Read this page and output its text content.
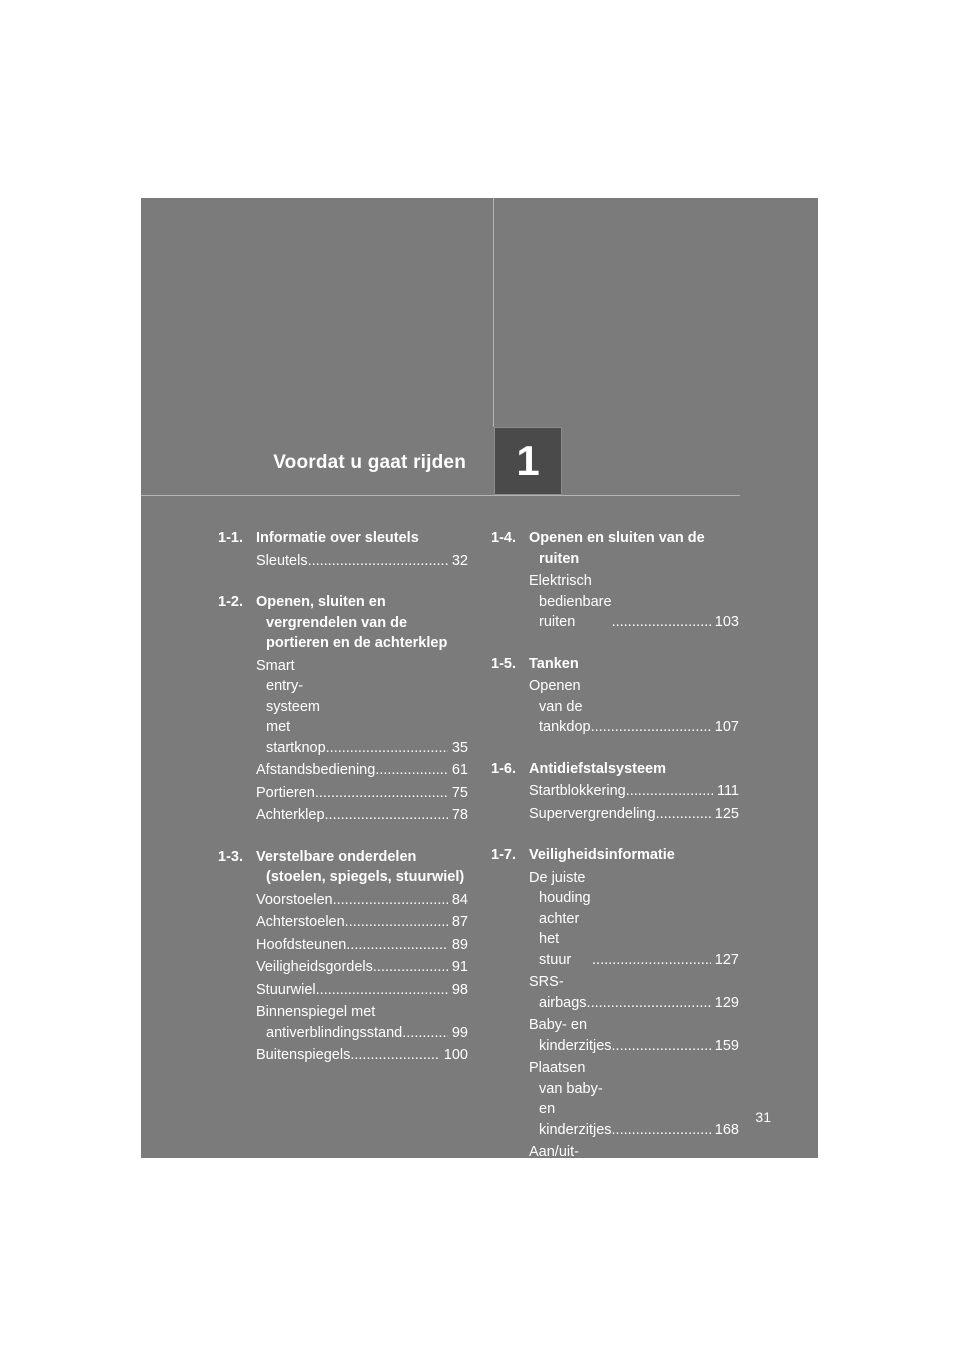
Voordat u gaat rijden 1
1-1. Informatie over sleutels
Sleutels .....	32
1-2. Openen, sluiten en vergrendelen van de portieren en de achterklep
Smart entry-systeem met startknop .....	35
Afstandsbediening .....	61
Portieren .....	75
Achterklep .....	78
1-3. Verstelbare onderdelen (stoelen, spiegels, stuurwiel)
Voorstoelen .....	84
Achterstoelen .....	87
Hoofdsteunen .....	89
Veiligheidsgordels .....	91
Stuurwiel .....	98
Binnenspiegel met antiverblindingsstand .....	99
Buitenspiegels .....	100
1-4. Openen en sluiten van de ruiten
Elektrisch bedienbare ruiten .....	103
1-5. Tanken
Openen van de tankdop .....	107
1-6. Antidiefstalsysteem
Startblokkering .....	111
Supervergrendeling .....	125
1-7. Veiligheidsinformatie
De juiste houding achter het stuur .....	127
SRS-airbags .....	129
Baby- en kinderzitjes .....	159
Plaatsen van baby- en kinderzitjes .....	168
Aan/uit-schakelaar airbag .....	178
31
